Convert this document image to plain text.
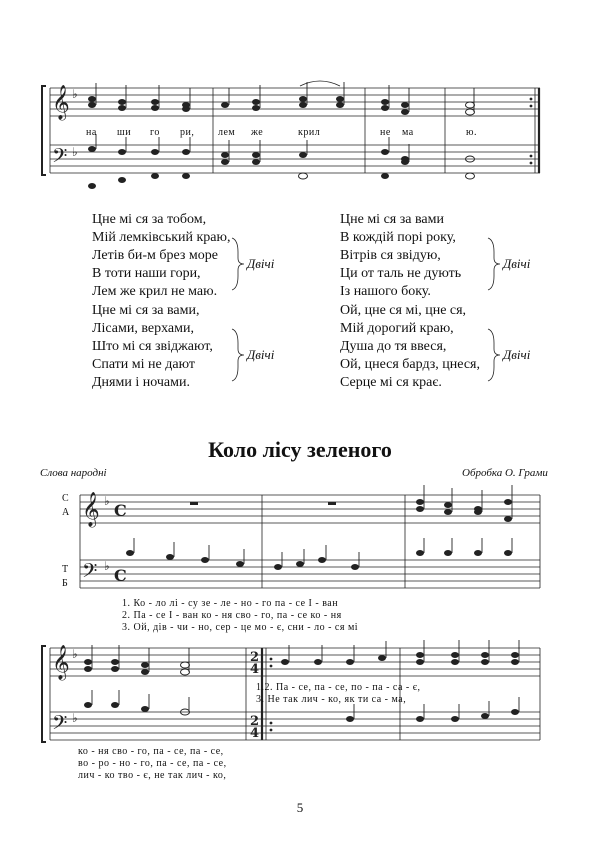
𝄞
𝄢
♭
♭
𝄞
𝄢
♭
♭
C
C
𝄞
𝄢
♭
♭
2
4
2
4
на ши го ри, лем же	крил	не ма	ю.
Цне мі ся за тобом,
Мій лемківський краю,
Летів би-м брез море
В тоти наши гори,
Лем же крил не маю.
Двічі
Цне мі ся за вами,
Лісами, верхами,
Што мі ся звіджают,
Спати мі не дают
Днями і ночами.
Двічі
Цне мі ся за вами
В кождій порі року,
Вітрів ся звідую,
Ци от таль не дують
Із нашого боку.
Двічі
Ой, цне ся мі, цне ся,
Мій дорогий краю,
Душа до тя ввеся,
Ой, цнеся бардз, цнеся,
Серце мі ся крає.
Двічі
Коло лісу зеленого
Слова народні	Обробка О. Грами
С
А
Т
Б
1. Ко - ло лі - су зе - ле - но - го па - се І - ван
2. Па - се І - ван ко - ня сво - го, па - се ко - ня
3. Ой, дів - чи - но, сер - це мо - є, сни - ло - ся мі
1.2. Па - се, па - се, по - па - са - є,
3. Не так лич - ко, як ти са - ма,
ко - ня сво - го, па - се, па - се,
во - ро - но - го, па - се, па - се,
лич - ко тво - є, не так лич - ко,
5
